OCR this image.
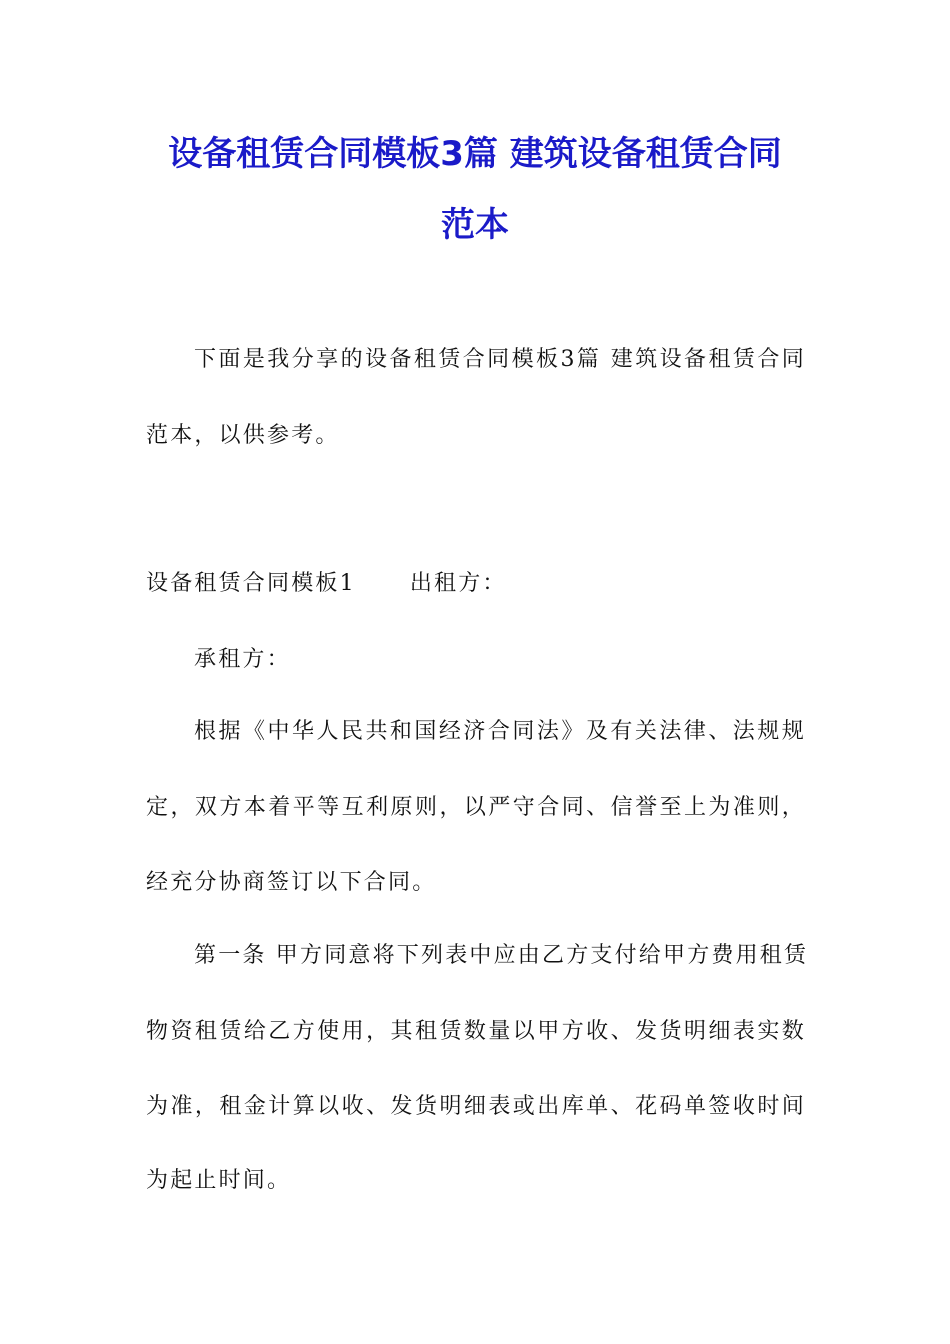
设备租赁合同模板3篇 建筑设备租赁合同
范本
下面是我分享的设备租赁合同模板3篇 建筑设备租赁合同
范本，以供参考。
设备租赁合同模板1 出租方：
承租方：
根据《中华人民共和国经济合同法》及有关法律、法规规
定，双方本着平等互利原则，以严守合同、信誉至上为准则，
经充分协商签订以下合同。
第一条 甲方同意将下列表中应由乙方支付给甲方费用租赁
物资租赁给乙方使用，其租赁数量以甲方收、发货明细表实数
为准，租金计算以收、发货明细表或出库单、花码单签收时间
为起止时间。
